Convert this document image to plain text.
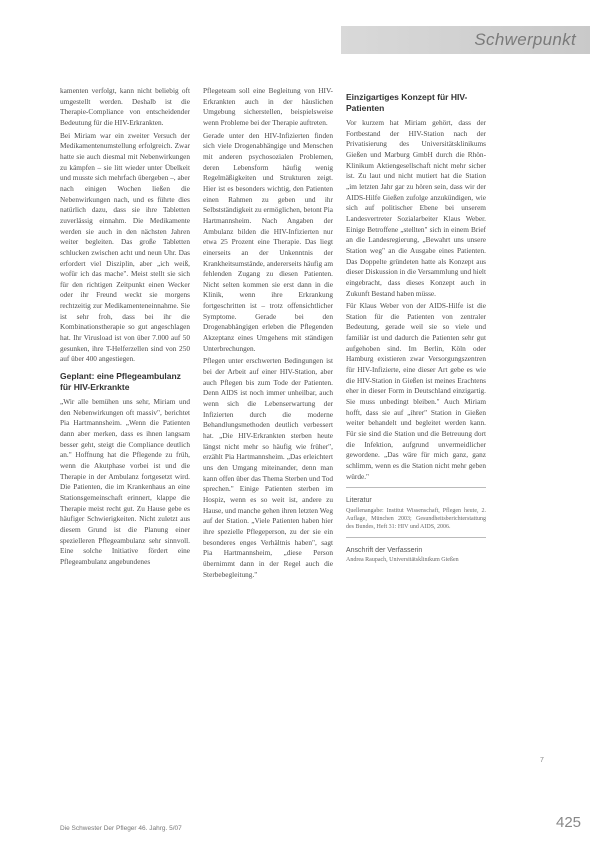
Schwerpunkt

kamenten verfolgt, kann nicht beliebig oft umgestellt werden. Deshalb ist die Therapie-Compliance von entscheidender Bedeutung für die HIV-Erkrankten.

Bei Miriam war ein zweiter Versuch der Medikamentenumstellung erfolgreich. Zwar hatte sie auch diesmal mit Nebenwirkungen zu kämpfen – sie litt wieder unter Übelkeit und musste sich mehrfach übergeben –, aber nach einigen Wochen ließen die Nebenwirkungen nach, und es führte dies natürlich dazu, dass sie ihre Tabletten zuverlässig einnahm. Die Medikamente werden sie auch in den nächsten Jahren weiter begleiten. Das große Tabletten schlucken zwischen acht und neun Uhr. Das erfordert viel Disziplin, aber „ich weiß, wofür ich das mache". Meist stellt sie sich für den richtigen Zeitpunkt einen Wecker oder ihr Freund weckt sie morgens rechtzeitig zur Medikamenteneinnahme. Sie ist sehr froh, dass bei ihr die Kombinationstherapie so gut angeschlagen hat. Ihr Virusload ist von über 7.000 auf 50 gesunken, ihre T-Helferzellen sind von 250 auf über 400 angestiegen.

Geplant: eine Pflegeambulanz für HIV-Erkrankte

„Wir alle bemühen uns sehr, Miriam und den Nebenwirkungen oft massiv", berichtet Pia Hartmannsheim. „Wenn die Patienten dann aber merken, dass es ihnen langsam besser geht, steigt die Compliance deutlich an." Hoffnung hat die Pflegende zu früh, wenn die Akutphase vorbei ist und die Therapie in der Ambulanz fortgesetzt wird. Die Patienten, die im Krankenhaus an eine Stationsgemeinschaft erinnert, klappe die Therapie meist recht gut. Zu Hause gebe es häufiger Schwierigkeiten. Nicht zuletzt aus diesem Grund ist die Planung einer spezielleren Pflegeambulanz sehr sinnvoll. Eine solche Initiative fördert eine Pflegeambulanz angebundenes

Pflegeteam soll eine Begleitung von HIV-Erkrankten auch in der häuslichen Umgebung sicherstellen, beispielsweise wenn Probleme bei der Therapie auftreten.

Gerade unter den HIV-Infizierten finden sich viele Drogenabhängige und Menschen mit anderen psychosozialen Problemen, deren Lebensform häufig wenig Regelmäßigkeiten und Strukturen zeigt. Hier ist es besonders wichtig, den Patienten einen Rahmen zu geben und ihr Selbstständigkeit zu ermöglichen, betont Pia Hartmannsheim. Nach Angaben der Ambulanz bilden die HIV-Infizierten nur etwa 25 Prozent eine Therapie. Das liegt einerseits an der Unkenntnis der Krankheitsumstände, andererseits häufig am fehlenden Zugang zu diesen Patienten. Nicht selten kommen sie erst dann in die Klinik, wenn ihre Erkrankung fortgeschritten ist – trotz offensichtlicher Symptome. Gerade bei den Drogenabhängigen erleben die Pflegenden Akzeptanz eines Umgehens mit ständigen Unterbrechungen.

Pflegen unter erschwerten Bedingungen ist bei der Arbeit auf einer HIV-Station, aber auch Pflegen bis zum Tode der Patienten. Denn AIDS ist noch immer unheilbar, auch wenn sich die Lebenserwartung der Infizierten durch die moderne Behandlungsmethoden deutlich verbessert hat. „Die HIV-Erkrankten sterben heute längst nicht mehr so häufig wie früher", erzählt Pia Hartmannsheim. „Das erleichtert uns den Umgang miteinander, denn man kann offen über das Thema Sterben und Tod sprechen." Einige Patienten sterben im Hospiz, wenn es so weit ist, andere zu Hause, und manche gehen ihren letzten Weg auf der Station. „Viele Patienten haben hier ihre spezielle Pflegeperson, zu der sie ein besonderes enges Verhältnis haben", sagt Pia Hartmannsheim, „diese Person übernimmt dann in der Regel auch die Sterbebegleitung."

Einzigartiges Konzept für HIV-Patienten

Vor kurzem hat Miriam gehört, dass der Fortbestand der HIV-Station nach der Privatisierung des Universitätsklinikums Gießen und Marburg GmbH durch die Rhön-Klinikum Aktiengesellschaft nicht mehr sicher ist. Zu laut und nicht mutiert hat die Station „im letzten Jahr gar zu hören sein, dass wir der AIDS-Hilfe Gießen zufolge anzukündigen, wie sich auf politischer Ebene bei unserem Landesvertreter Sozialarbeiter Klaus Weber. Einige Betroffene „stellten" sich in einem Brief an die Landesregierung, „Bewahrt uns unsere Station weg" an die Ausgabe eines Patienten. Das Doppelte gründeten hatte als Konzept aus dieser Diskussion in die Versammlung und hielt eingebracht, dass dieses Konzept auch in Zukunft Bestand haben müsse.

Für Klaus Weber von der AIDS-Hilfe ist die Station für die Patienten von zentraler Bedeutung, gerade weil sie so viele und familiär ist und dadurch die Patienten sehr gut aufgehoben sind. Im Berlin, Köln oder Hamburg existieren zwar Versorgungszentren für HIV-Infizierte, eine dieser Art gebe es wie die HIV-Station in Gießen ist meines Erachtens eher in dieser Form in Deutschland einzigartig. Sie muss unbedingt bleiben." Auch Miriam hofft, dass sie auf „ihrer" Station in Gießen weiter behandelt und begleitet werden kann. Für sie sind die Station und die Betreuung dort die Infektion, aufgrund unvermeidlicher gewordene. „Das wäre für mich ganz, ganz schlimm, wenn es die Station nicht mehr geben würde."

Literatur
Quellenangabe: Institut Wissenschaft, Pflegen heute, 2. Auflage, München 2003; Gesundheitsberichterstattung des Bundes, Heft 31: HIV und AIDS, 2006.
Anschrift der Verfasserin
Andrea Raupach, Universitätsklinikum Gießen
7
Die Schwester Der Pfleger 46. Jahrg. 5/07	425
